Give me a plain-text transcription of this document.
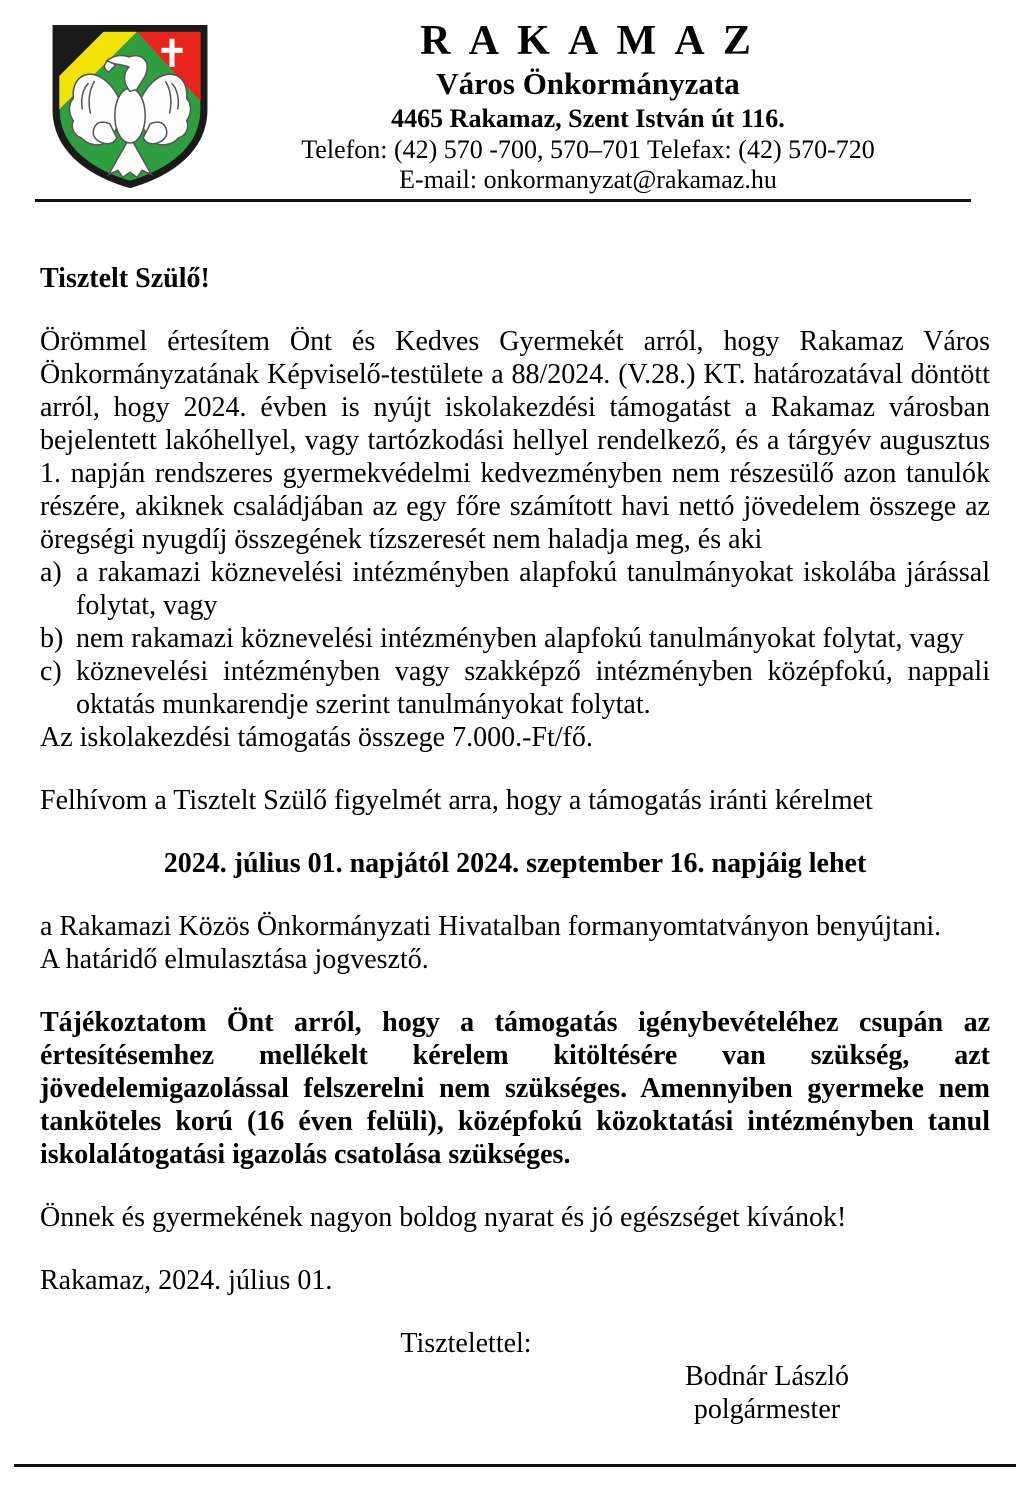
R A K A M A Z
Város Önkormányzata
4465 Rakamaz, Szent István út 116.
Telefon: (42) 570 -700, 570–701 Telefax: (42) 570-720
E-mail: onkormanyzat@rakamaz.hu

Tisztelt Szülő!

Örömmel értesítem Önt és Kedves Gyermekét arról, hogy Rakamaz Város Önkormányzatának Képviselő-testülete a 88/2024. (V.28.) KT. határozatával döntött arról, hogy 2024. évben is nyújt iskolakezdési támogatást a Rakamaz városban bejelentett lakóhellyel, vagy tartózkodási hellyel rendelkező, és a tárgyév augusztus 1. napján rendszeres gyermekvédelmi kedvezményben nem részesülő azon tanulók részére, akiknek családjában az egy főre számított havi nettó jövedelem összege az öregségi nyugdíj összegének tízszeresét nem haladja meg, és aki

a) a rakamazi köznevelési intézményben alapfokú tanulmányokat iskolába járással folytat, vagy
b) nem rakamazi köznevelési intézményben alapfokú tanulmányokat folytat, vagy
c) köznevelési intézményben vagy szakképző intézményben középfokú, nappali oktatás munkarendje szerint tanulmányokat folytat.

Az iskolakezdési támogatás összege 7.000.-Ft/fő.

Felhívom a Tisztelt Szülő figyelmét arra, hogy a támogatás iránti kérelmet

2024. július 01. napjától 2024. szeptember 16. napjáig lehet

a Rakamazi Közös Önkormányzati Hivatalban formanyomtatványon benyújtani.

A határidő elmulasztása jogvesztő.

Tájékoztatom Önt arról, hogy a támogatás igénybevételéhez csupán az értesítésemhez mellékelt kérelem kitöltésére van szükség, azt jövedelemigazolással felszerelni nem szükséges. Amennyiben gyermeke nem tanköteles korú (16 éven felüli), középfokú közoktatási intézményben tanul iskolalátogatási igazolás csatolása szükséges.

Önnek és gyermekének nagyon boldog nyarat és jó egészséget kívánok!

Rakamaz, 2024. július 01.

Tisztelettel:

Bodnár László
polgármester
